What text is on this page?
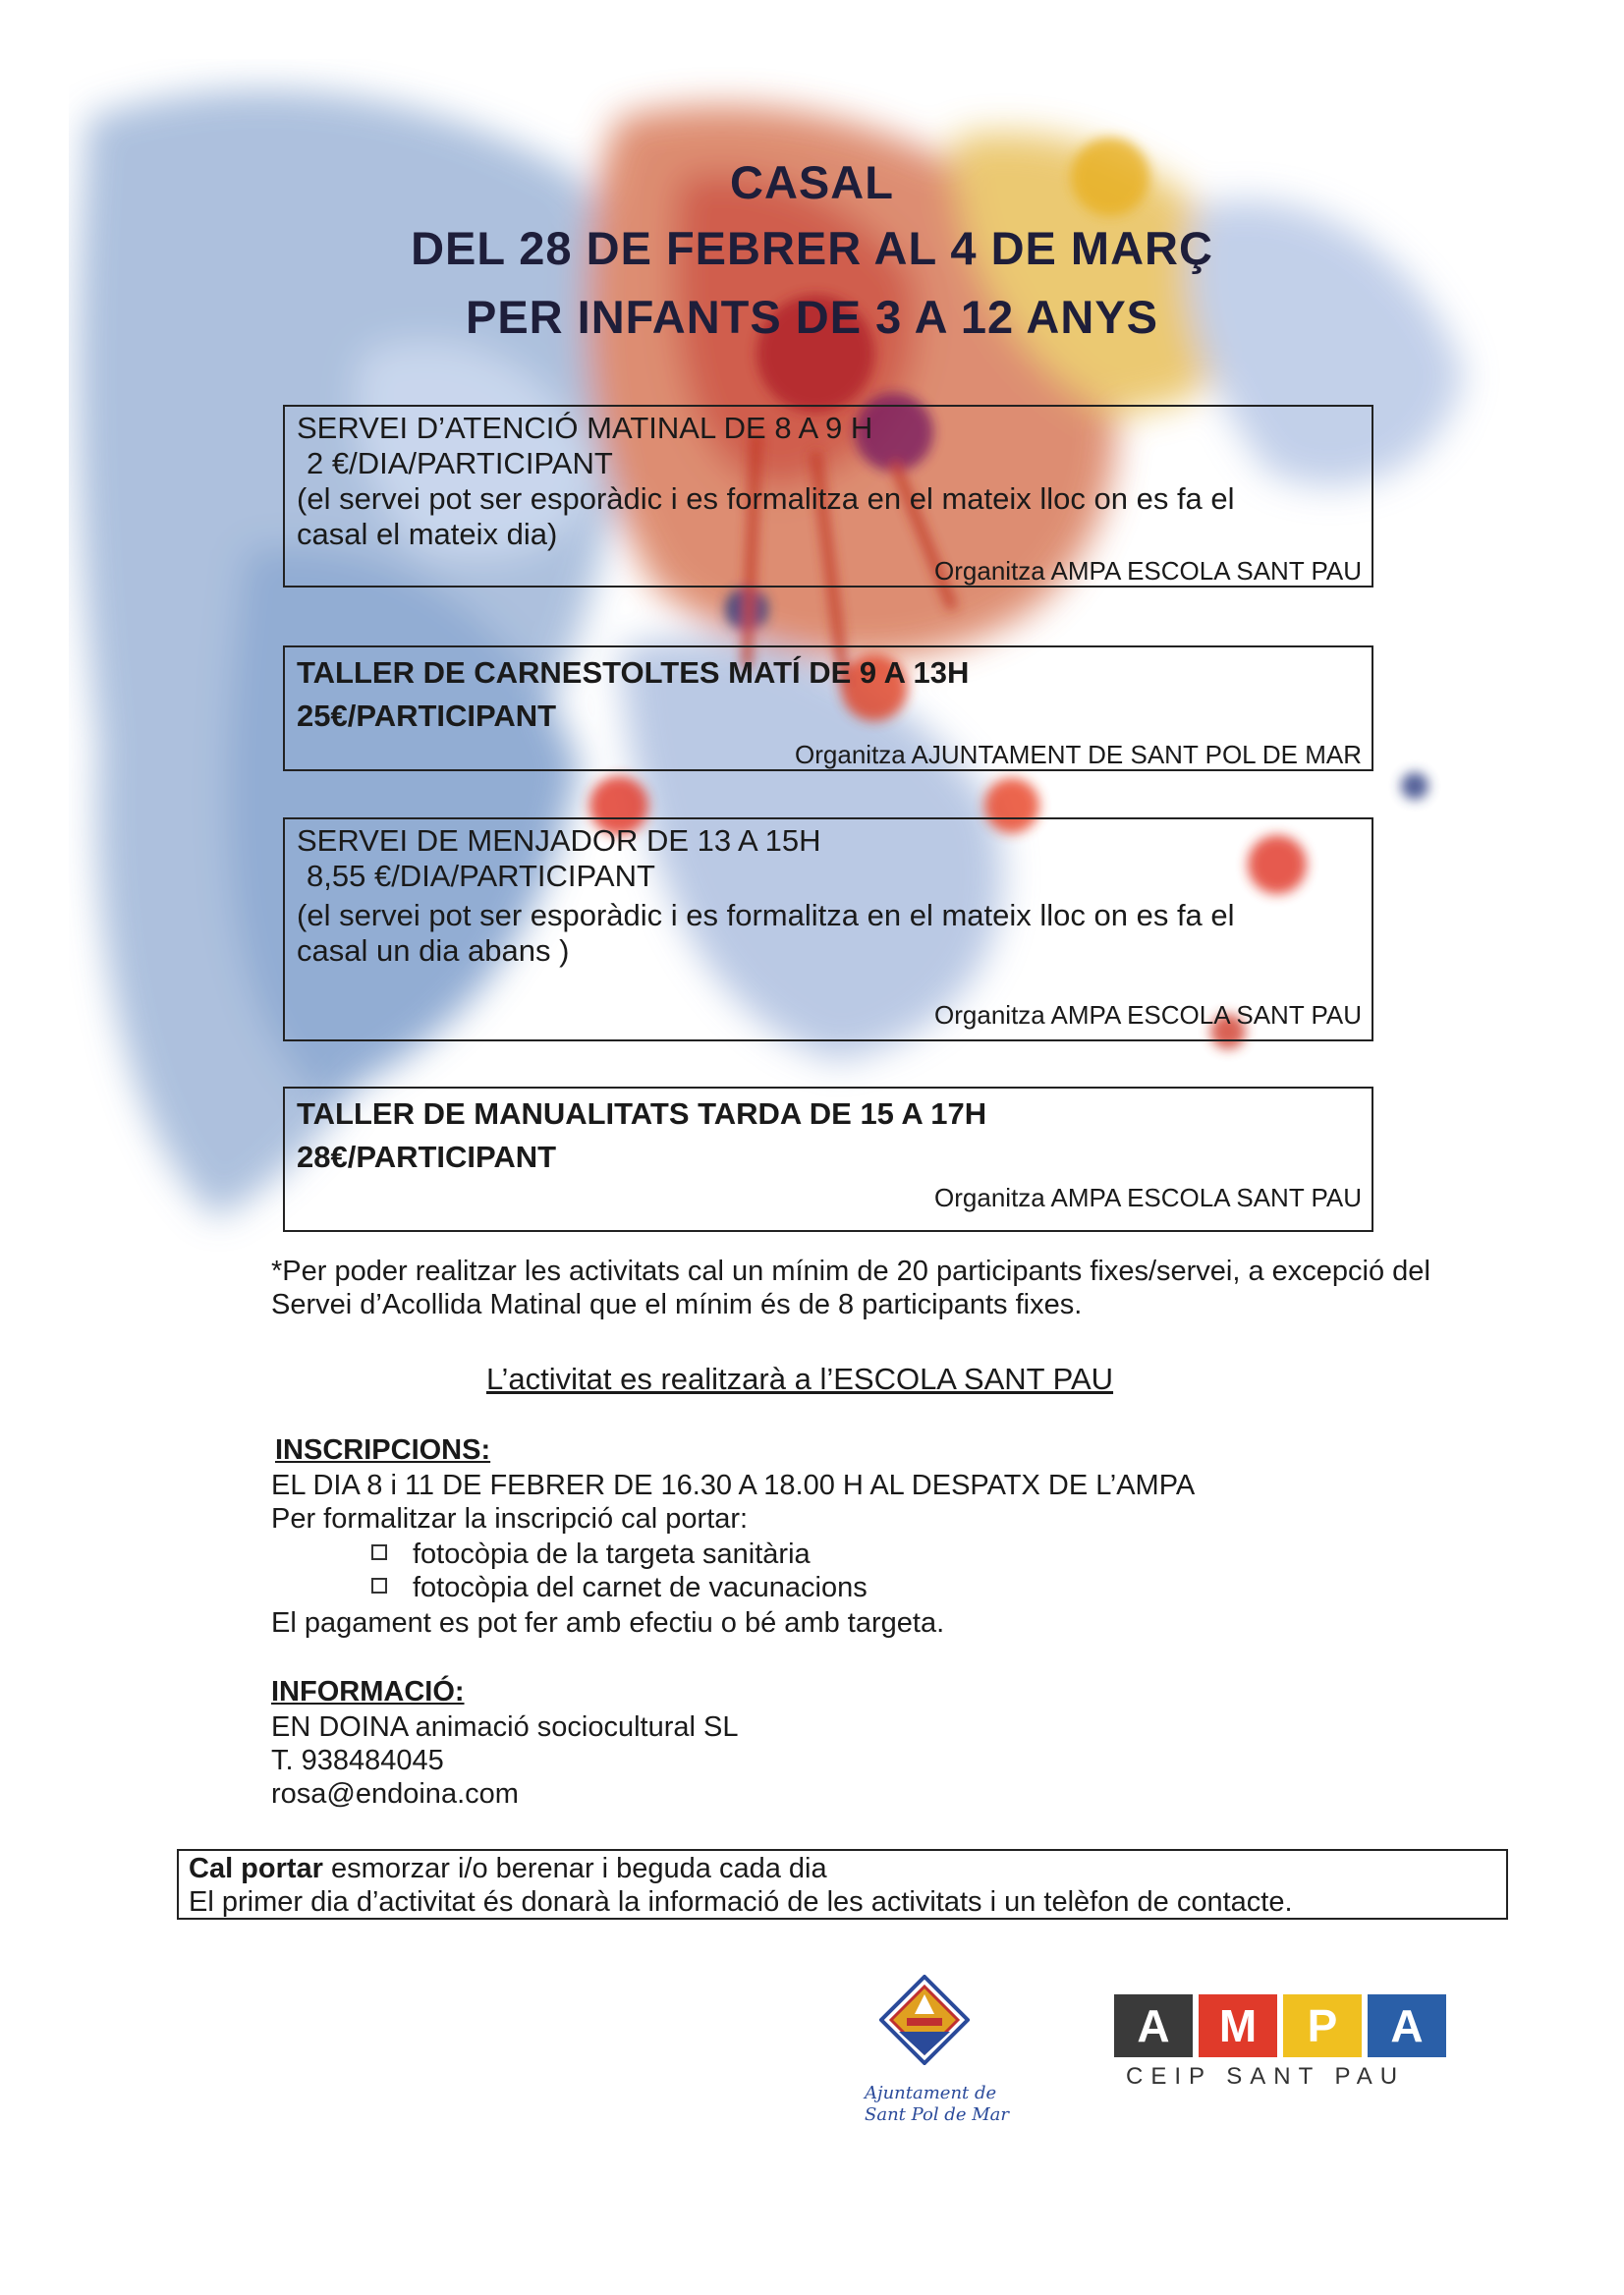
CASAL
DEL 28 DE FEBRER AL 4 DE MARÇ
PER INFANTS DE 3 A 12 ANYS
SERVEI D’ATENCIÓ MATINAL DE 8 A 9 H
2 €/DIA/PARTICIPANT
(el servei pot ser esporàdic i es formalitza en el mateix lloc on es fa el
casal el mateix dia)
Organitza AMPA ESCOLA SANT PAU
TALLER DE CARNESTOLTES MATÍ DE 9 A 13H
25€/PARTICIPANT
Organitza AJUNTAMENT DE SANT POL DE MAR
SERVEI DE MENJADOR DE 13 A 15H
8,55 €/DIA/PARTICIPANT
(el servei pot ser esporàdic i es formalitza en el mateix lloc on es fa el
casal un dia abans )
Organitza AMPA ESCOLA SANT PAU
TALLER DE MANUALITATS TARDA DE 15 A 17H
28€/PARTICIPANT
Organitza AMPA ESCOLA SANT PAU
*Per poder realitzar les activitats cal un mínim de 20 participants fixes/servei, a excepció del
Servei d’Acollida Matinal que el mínim és de 8 participants fixes.
L’activitat es realitzarà a l’ESCOLA SANT PAU
INSCRIPCIONS:
EL DIA 8 i 11 DE FEBRER DE 16.30 A 18.00 H AL DESPATX DE L’AMPA
Per formalitzar la inscripció cal portar:
fotocòpia de la targeta sanitària
fotocòpia del carnet de vacunacions
El pagament es pot fer amb efectiu o bé amb targeta.
INFORMACIÓ:
EN DOINA animació sociocultural SL
T. 938484045
rosa@endoina.com
Cal portar esmorzar i/o berenar i beguda cada dia
El primer dia d’activitat és donarà la informació de les activitats i un telèfon de contacte.
Ajuntament de
Sant Pol de Mar
A	M	P	A
CEIP SANT PAU
